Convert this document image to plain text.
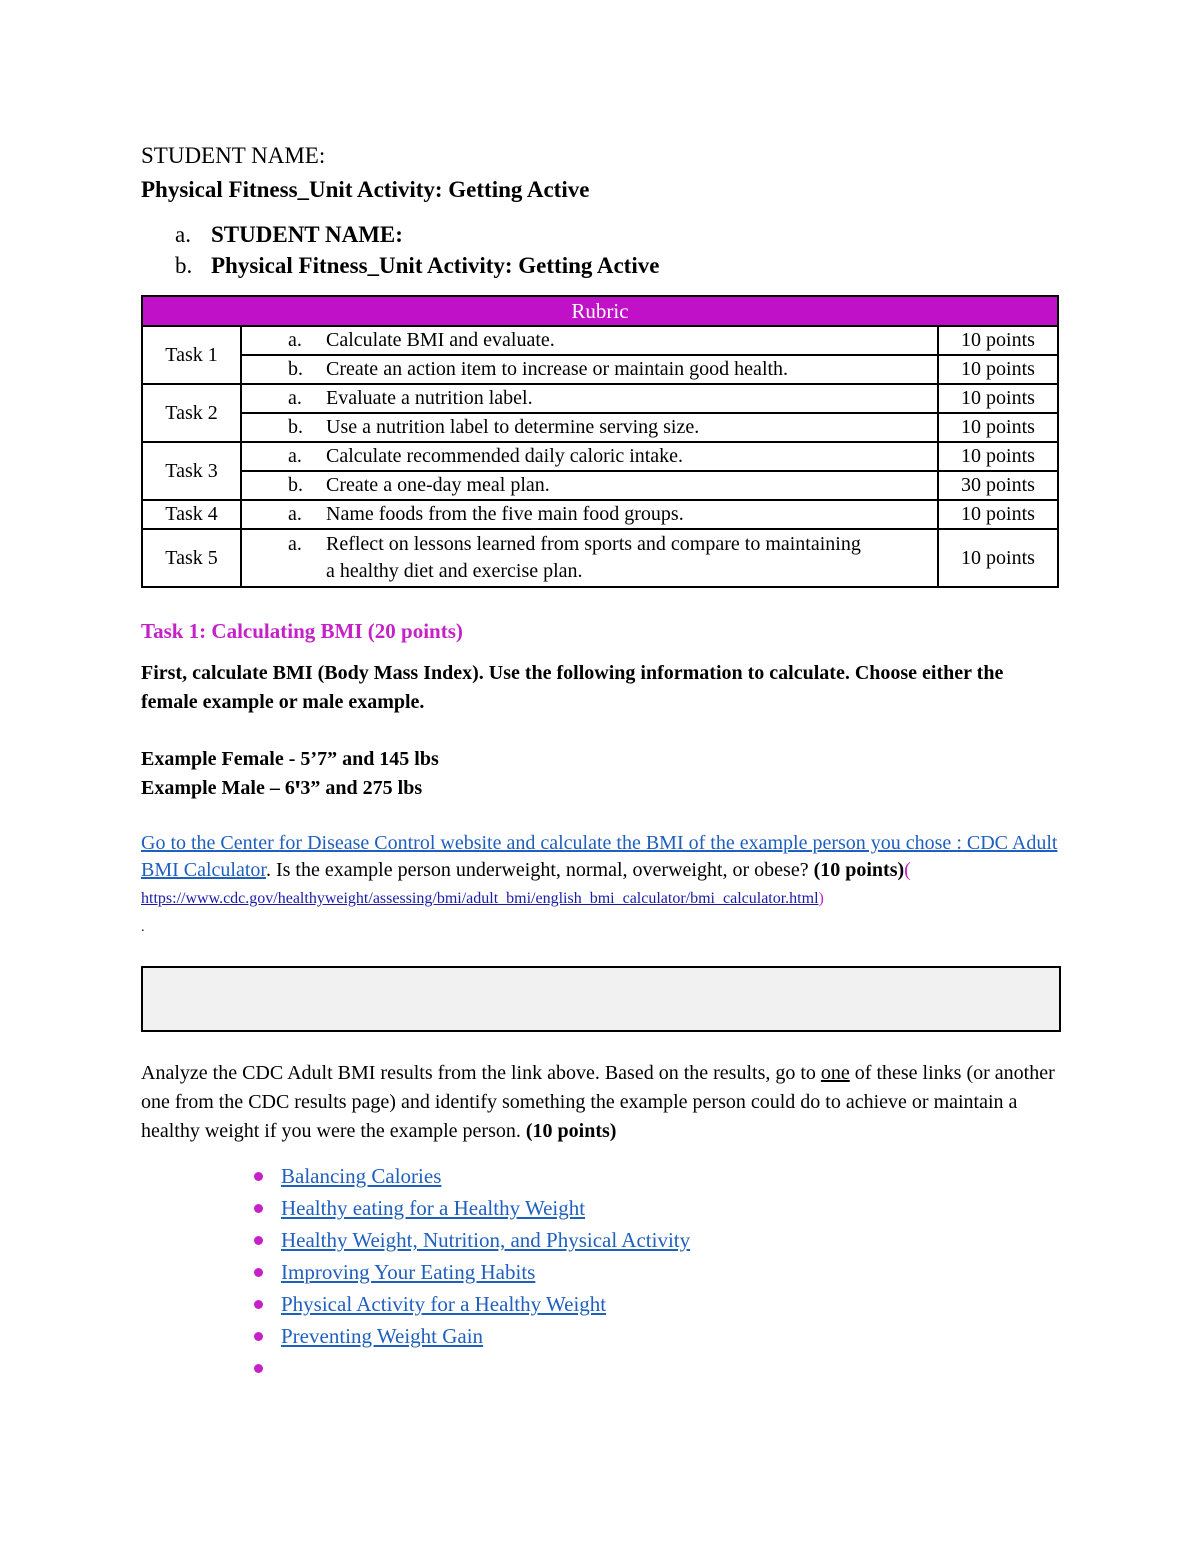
STUDENT NAME:
Physical Fitness_Unit Activity: Getting Active
a. STUDENT NAME:
b. Physical Fitness_Unit Activity: Getting Active
Rubric		
Task 1	a. Calculate BMI and evaluate.	10 points

	b. Create an action item to increase or maintain good health.	10 points
Task 2	a. Evaluate a nutrition label.	10 points

	b. Use a nutrition label to determine serving size.	10 points
Task 3	a. Calculate recommended daily caloric intake.	10 points

	b. Create a one-day meal plan.	30 points
Task 4	a. Name foods from the five main food groups.	10 points
Task 5	a. Reflect on lessons learned from sports and compare to maintaining a healthy diet and exercise plan.	10 points
Task 1: Calculating BMI (20 points)
First, calculate BMI (Body Mass Index). Use the following information to calculate. Choose either the female example or male example.
Example Female - 5’7” and 145 lbs
Example Male – 6ꞌ3” and 275 lbs
Go to the Center for Disease Control website and calculate the BMI of the example person you chose : CDC Adult BMI Calculator. Is the example person underweight, normal, overweight, or obese? (10 points)(
https://www.cdc.gov/healthyweight/assessing/bmi/adult_bmi/english_bmi_calculator/bmi_calculator.html)
.
Analyze the CDC Adult BMI results from the link above. Based on the results, go to one of these links (or another one from the CDC results page) and identify something the example person could do to achieve or maintain a healthy weight if you were the example person. (10 points)
Balancing Calories
Healthy eating for a Healthy Weight
Healthy Weight, Nutrition, and Physical Activity
Improving Your Eating Habits
Physical Activity for a Healthy Weight
Preventing Weight Gain
